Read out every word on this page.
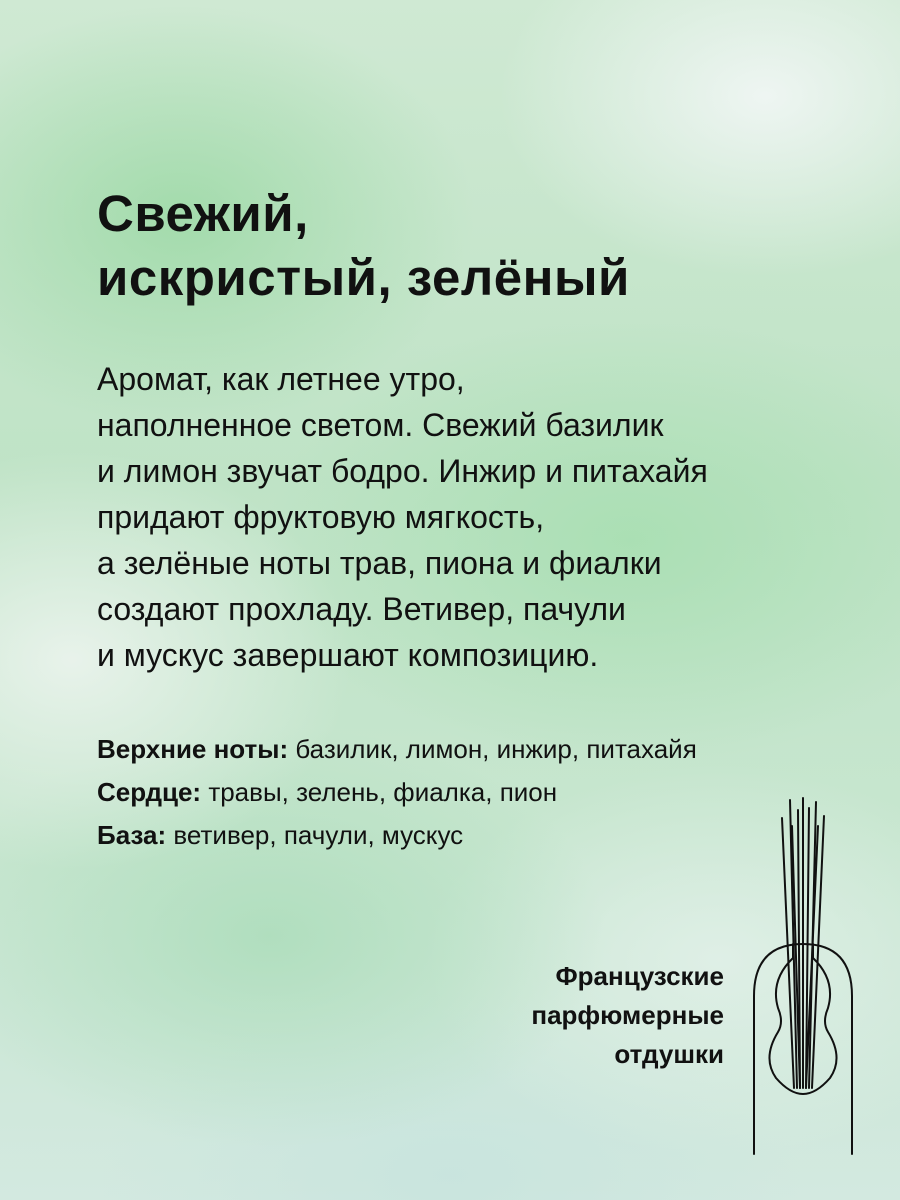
Свежий,
искристый, зелёный

Аромат, как летнее утро,
наполненное светом. Свежий базилик
и лимон звучат бодро. Инжир и питахайя
придают фруктовую мягкость,
а зелёные ноты трав, пиона и фиалки
создают прохладу. Ветивер, пачули
и мускус завершают композицию.

Верхние ноты: базилик, лимон, инжир, питахайя
Сердце: травы, зелень, фиалка, пион
База: ветивер, пачули, мускус
Французские
парфюмерные
отдушки
